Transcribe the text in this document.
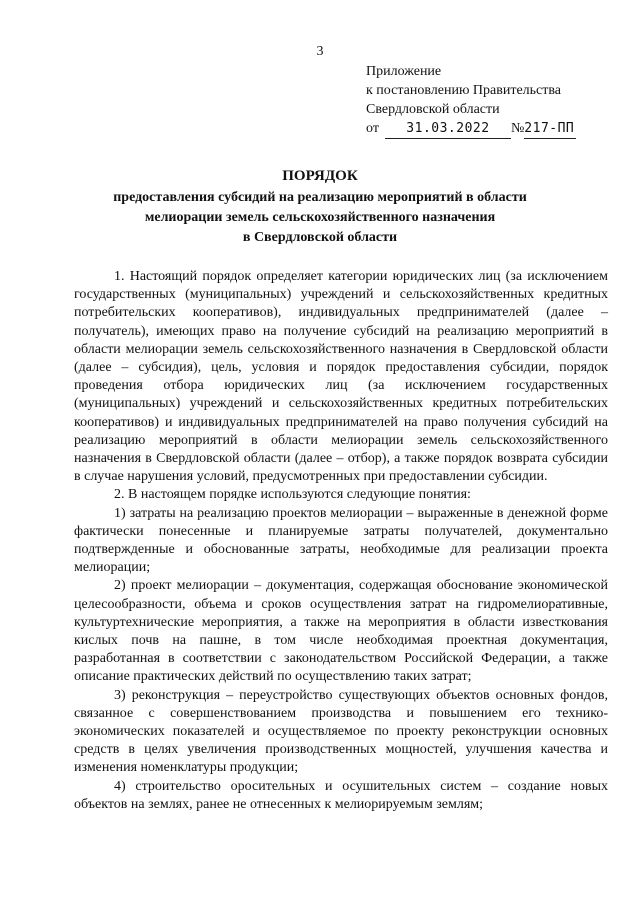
3
Приложение
к постановлению Правительства
Свердловской области
от 31.03.2022 №217-ПП
ПОРЯДОК
предоставления субсидий на реализацию мероприятий в области
мелиорации земель сельскохозяйственного назначения
в Свердловской области

1. Настоящий порядок определяет категории юридических лиц (за исключением государственных (муниципальных) учреждений и сельскохозяйственных кредитных потребительских кооперативов), индивидуальных предпринимателей (далее – получатель), имеющих право на получение субсидий на реализацию мероприятий в области мелиорации земель сельскохозяйственного назначения в Свердловской области (далее – субсидия), цель, условия и порядок предоставления субсидии, порядок проведения отбора юридических лиц (за исключением государственных (муниципальных) учреждений и сельскохозяйственных кредитных потребительских кооперативов) и индивидуальных предпринимателей на право получения субсидий на реализацию мероприятий в области мелиорации земель сельскохозяйственного назначения в Свердловской области (далее – отбор), а также порядок возврата субсидии в случае нарушения условий, предусмотренных при предоставлении субсидии.

2. В настоящем порядке используются следующие понятия:

1) затраты на реализацию проектов мелиорации – выраженные в денежной форме фактически понесенные и планируемые затраты получателей, документально подтвержденные и обоснованные затраты, необходимые для реализации проекта мелиорации;

2) проект мелиорации – документация, содержащая обоснование экономической целесообразности, объема и сроков осуществления затрат на гидромелиоративные, культуртехнические мероприятия, а также на мероприятия в области известкования кислых почв на пашне, в том числе необходимая проектная документация, разработанная в соответствии с законодательством Российской Федерации, а также описание практических действий по осуществлению таких затрат;

3) реконструкция – переустройство существующих объектов основных фондов, связанное с совершенствованием производства и повышением его технико-экономических показателей и осуществляемое по проекту реконструкции основных средств в целях увеличения производственных мощностей, улучшения качества и изменения номенклатуры продукции;

4) строительство оросительных и осушительных систем – создание новых объектов на землях, ранее не отнесенных к мелиорируемым землям;
